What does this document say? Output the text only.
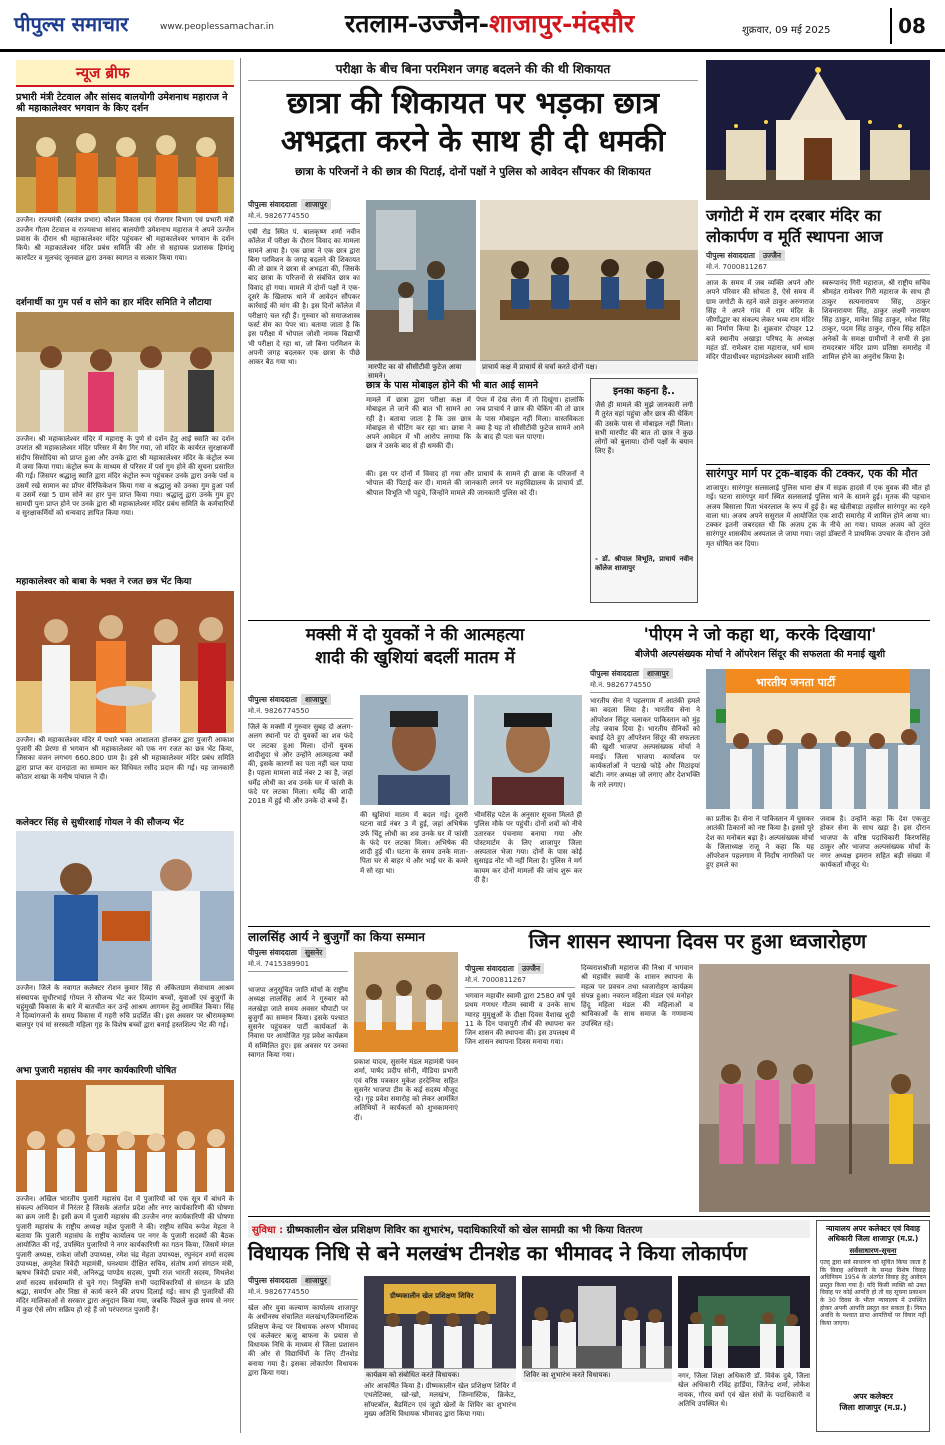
पीपुल्स समाचार	www.peoplessamachar.in	रतलाम-उज्जैन-शाजापुर-मंदसौर	शुक्रवार, 09 मई 2025	08
न्यूज ब्रीफ
प्रभारी मंत्री टेटवाल और सांसद बालयोगी उमेशनाथ महाराज ने श्री महाकालेश्वर भगवान के किए दर्शन
उज्जैन। राज्यमंत्री (स्वतंत्र प्रभार) कौशल विकास एवं रोजगार विभाग एवं प्रभारी मंत्री उज्जैन गौतम टेटवाल व राज्यसभा सांसद बालयोगी उमेशनाथ महाराज ने अपने उज्जैन प्रवास के दौरान श्री महाकालेश्वर मंदिर पहुंचकर श्री महाकालेश्वर भगवान के दर्शन किये। श्री महाकालेश्वर मंदिर प्रबंध समिति की ओर से सहायक प्रशासक हिमांशु कारपेंटर व मूलचंद जूनवाल द्वारा उनका स्वागत व सत्कार किया गया।
दर्शनार्थी का गुम पर्स व सोने का हार मंदिर समिति ने लौटाया
उज्जैन। श्री महाकालेश्वर मंदिर में महाराष्ट्र के पुणे से दर्शन हेतु आई स्वाति का दर्शन उपरांत श्री महाकालेश्वर मंदिर परिसर में बैग गिर गया, जो मंदिर के कार्यरत सुरक्षाकर्मी संदीप सिसोदिया को प्राप्त हुआ और उनके द्वारा श्री महाकालेश्वर मंदिर के कंट्रोल रूम में जमा किया गया। कंट्रोल रूम के माध्यम से परिसर में पर्स गुम होने की सूचना प्रसारित की गई। जिसपर श्रद्धालु स्वाति द्वारा मंदिर कंट्रोल रूम पहुंचकर उनके द्वारा उनके पर्स व उसमें रखे सामान का प्रॉपर वेरिफिकेशन किया गया व श्रद्धालु को उनका गुम हुआ पर्स व उसमें रखा 5 ग्राम सोने का हार पुनः प्राप्त किया गया। श्रद्धालु द्वारा उनके गुम हुए सामग्री पुनः प्राप्त होने पर उनके द्वारा श्री महाकालेश्वर मंदिर प्रबंध समिति के कर्मचारियों व सुरक्षाकर्मियों को धन्यवाद ज्ञापित किया गया।
महाकालेश्वर को बाबा के भक्त ने रजत छत्र भेंट किया
उज्जैन। श्री महाकालेश्वर मंदिर में पधारे भक्त आशालता होलकर द्वारा पुजारी आकाश पुजारी की प्रेरणा से भगवान श्री महाकालेश्वर को एक नग रजत का छत्र भेंट किया, जिसका वजन लगभग 660.800 ग्राम है। इसे श्री महाकालेश्वर मंदिर प्रबंध समिति द्वारा प्राप्त कर दानदाता का सम्मान कर विधिवत रसीद प्रदान की गई। यह जानकारी कोठार शाखा के मनीष पांचाल ने दी।
कलेक्टर सिंह से सुधीरशाई गोयल ने की सौजन्य भेंट
उज्जैन। जिले के नवागत कलेक्टर रोशन कुमार सिंह से अंकितग्राम सेवाधाम आश्रम संस्थापक सुधीरभाई गोयल ने सौजन्य भेंट कर दिव्यांग बच्चों, युवाओं एवं बुजुर्गों के चहुंमुखी विकास के बारे में बातचीत कर उन्हें आश्रम आगमन हेतु आमंत्रित किया। सिंह ने दिव्यांगजनों के समग्र विकास में गहरी रुचि प्रदर्शित की। इस अवसर पर श्रीरामकृष्ण बालपुर एवं मां सरस्वती महिला गृह के विशेष बच्चों द्वारा बनाई हस्तशिल्प भेंट की गई।
अभा पुजारी महासंघ की नगर कार्यकारिणी घोषित
उज्जैन। अखिल भारतीय पुजारी महासंघ देश में पुजारियों को एक सूत्र में बांधने के संकल्प अभियान में निरंतर है जिसके अंतर्गत प्रदेश और नगर कार्यकारिणी की घोषणा का क्रम जारी है। इसी क्रम में पुजारी महासंघ की उज्जैन नगर कार्यकारिणी की घोषणा पुजारी महासंघ के राष्ट्रीय अध्यक्ष महेश पुजारी ने की। राष्ट्रीय सचिव रूपेश मेहता ने बताया कि पुजारी महासंघ के राष्ट्रीय कार्यालय पर नगर के पुजारी सदस्यों की बैठक आयोजित की गई, उपस्थित पुजारियों ने नगर कार्यकारिणी का गठन किया, जिसमें मंगल पुजारी अध्यक्ष, राकेश जोशी उपाध्यक्ष, रमेश चंद्र मेहता उपाध्यक्ष, रघुनंदन शर्मा सदस्य उपाध्यक्ष, अमृतेश त्रिवेदी महामंत्री, घनश्याम दीक्षित सचिव, संतोष शर्मा संगठन मंत्री, ऋषभ त्रिवेदी प्रचार मंत्री, अनिरुद्ध पाण्डेय सदस्य, पुष्पी राज भारती सदस्य, मिथलेश शर्मा सदस्य सर्वसम्मति से चुने गए। नियुक्ति सभी पदाधिकारियों से संगठन के प्रति श्रद्धा, समर्पण और निष्ठा से कार्य करने की शपथ दिलाई गई। साथ ही पुजारियों की मंदिर मालिकाओं से सरकार द्वारा अनुदान किया गया, जबकि पिछले कुछ समय से नगर में कुछ ऐसे लोग सक्रिय हो रहे हैं जो परंपरागत पुजारी हैं।
परीक्षा के बीच बिना परमिशन जगह बदलने की की थी शिकायत
छात्रा की शिकायत पर भड़का छात्र अभद्रता करने के साथ ही दी धमकी
छात्रा के परिजनों ने की छात्र की पिटाई, दोनों पक्षों ने पुलिस को आवेदन सौंपकर की शिकायत
पीपुल्स संवाददाता शाजापुर
मो.नं. 9826774550
एबी रोड स्थित पं. बालकृष्ण शर्मा नवीन कॉलेज में परीक्षा के दौरान विवाद का मामला सामने आया है। एक छात्रा ने एक छात्र द्वारा बिना परमिशन के जगह बदलने की शिकायत की तो छात्र ने छात्रा से अभद्रता की, जिसके बाद छात्रा के परिजनों से संबंधित छात्र का विवाद हो गया। मामले में दोनों पक्षों ने एक-दूसरे के खिलाफ थाने में आवेदन सौंपकर कार्रवाई की मांग की है। इस दिनों कॉलेज में परीक्षाएं चल रही हैं। गुरुवार को समाजशास्त्र फर्स्ट सेम का पेपर था। बताया जाता है कि इस परीक्षा में भोपाल जोशी नामक विद्यार्थी भी परीक्षा दे रहा था, जो बिना परमिशन के अपनी जगह बदलकर एक छात्रा के पीछे आकर बैठ गया था।
मारपीट का वो सीसीटीवी फुटेज आया सामने।
प्राचार्य कक्ष में प्राचार्य से चर्चा करते दोनों पक्ष।
छात्र के पास मोबाइल होने की भी बात आई सामने
मामले में छात्रा द्वारा परीक्षा कक्ष में मोबाइल ले जाने की बात भी सामने आ रही है। बताया जाता है कि उस छात्र मोबाइल से चीटिंग कर रहा था। छात्रा ने अपने आवेदन में भी आरोप लगाया कि छात्र ने उसके बाद से ही धमकी दी।
पेपर में देख लेना मैं तो दिखूंगा। हालांकि जब प्राचार्य ने छात्र की चेकिंग की तो छात्र के पास मोबाइल नहीं मिला। वास्तविकता क्या है यह तो सीसीटीवी फुटेज सामने आने के बाद ही पता चल पाएगा।
की। इस पर दोनों में विवाद हो गया और प्राचार्य के सामने ही छात्रा के परिजनों ने भोपाल की पिटाई कर दी। मामले की जानकारी लगने पर महाविद्यालय के प्राचार्य डॉ. श्रीपाल विभूति भी पहुंचे, जिन्होंने मामले की जानकारी पुलिस को दी।
इनका कहना है..
जैसे ही मामले की मुझे जानकारी लगी मैं तुरंत वहां पहुंचा और छात्र की चेकिंग की उसके पास से मोबाइल नहीं मिला। सभी मारपीट की बात तो छात्र ने कुछ लोगों को बुलाया। दोनों पक्षों के बयान लिए हैं।
- डॉ. श्रीपाल विभूति, प्राचार्य नवीन कॉलेज शाजापुर
जगोटी में राम दरबार मंदिर का लोकार्पण व मूर्ति स्थापना आज
पीपुल्स संवाददाता उज्जैन
मो.नं. 7000811267
आज के समय में जब व्यक्ति अपने और अपने परिवार की सोचता है, ऐसे समय में ग्राम जगोटी के रहने वाले ठाकुर अरुणराज सिंह ने अपने गांव में राम मंदिर के जीर्णोद्धार का संकल्प लेकर भव्य राम मंदिर का निर्माण किया है। शुक्रवार दोपहर 12 बजे स्थानीय अखाड़ा परिषद के अध्यक्ष महंत डॉ. रामेश्वर दास महाराज, धर्म धाम मंदिर पीठाधीश्वर महामंडलेश्वर स्वामी शांति स्वरूपानंद गिरी महाराज, श्री राष्ट्रीय सचिव श्रीमहंत रामेश्वर गिरी महाराज के साथ ही ठाकुर सत्यनारायण सिंह, ठाकुर शिवनारायण सिंह, ठाकुर लक्ष्मी नारायण सिंह ठाकुर, मानेश सिंह ठाकुर, रमेश सिंह ठाकुर, पदम सिंह ठाकुर, गौरव सिंह सहित अनेकों के समक्ष ग्रामीणों ने सभी से इस रामदरबार मंदिर प्राण प्रतिष्ठा समारोह में शामिल होने का अनुरोध किया है।
सारंगपुर मार्ग पर ट्रक-बाइक की टक्कर, एक की मौत
शाजापुर। सारंगपुर सलसलाई पुलिस थाना क्षेत्र में सड़क हादसे में एक युवक की मौत हो गई। घटना सारंगपुर मार्ग स्थित सलसलाई पुलिस थाने के सामने हुई। मृतक की पहचान अजय बिसाला पिता भंवरलाल के रूप में हुई है। बह खेतीबाड़ा तहसील सारंगपुर का रहने वाला था। अजय अपने ससुराल में आयोजित एक शादी समारोह में शामिल होने आया था। टक्कर इतनी जबरदस्त थी कि अजय ट्रक के नीचे आ गया। घायल अजय को तुरंत सारंगपुर शासकीय अस्पताल ले जाया गया। जहां डॉक्टरों ने प्राथमिक उपचार के दौरान उसे मृत घोषित कर दिया।
मक्सी में दो युवकों ने की आत्महत्या
शादी की खुशियां बदलीं मातम में
पीपुल्स संवाददाता शाजापुर
मो.नं. 9826774550
जिले के मक्सी में गुरुवार सुबह दो अलग-अलग स्थानों पर दो युवकों का शव फंदे पर लटका हुआ मिला। दोनों युवक शादीशुदा थे और उन्होंने आत्महत्या क्यों की, इसके कारणों का पता नहीं चल पाया है। पहला मामला वार्ड नंबर 2 का है, जहां धर्मेंद्र लोधी का शव उनके घर में फांसी के फंदे पर लटका मिला। धर्मेंद्र की शादी 2018 में हुई थी और उनके दो बच्चे हैं।
की खुशियां मातम में बदल गईं। दूसरी घटना वार्ड नंबर 3 में हुई, जहां अभिषेक उर्फ चिंटू लोधी का शव उनके घर में फांसी के फंदे पर लटका मिला। अभिषेक की शादी हुई थी। घटना के समय उनके माता-पिता घर से बाहर थे और भाई घर के कमरे में सो रहा था।
भीमसिंह पटेल के अनुसार सूचना मिलते ही पुलिस मौके पर पहुंची। दोनों शवों को नीचे उतारकर पंचनामा बनाया गया और पोस्टमार्टम के लिए शाजापुर जिला अस्पताल भेजा गया। दोनों के पास कोई सुसाइड नोट भी नहीं मिला है। पुलिस ने मर्ग कायम कर दोनों मामलों की जांच शुरू कर दी है।
'पीएम ने जो कहा था, करके दिखाया'
बीजेपी अल्पसंख्यक मोर्चा ने ऑपरेशन सिंदूर की सफलता की मनाई खुशी
पीपुल्स संवाददाता शाजापुर
मो.नं. 9826774550
भारतीय सेना ने पहलगाम में आतंकी हमले का बदला लिया है। भारतीय सेना ने ऑपरेशन सिंदूर चलाकर पाकिस्तान को मुंह तोड़ जवाब दिया है। भारतीय सैनिकों को बधाई देते हुए ऑपरेशन सिंदूर की सफलता की खुशी भाजपा अल्पसंख्यक मोर्चा ने मनाई। जिला भाजपा कार्यालय पर कार्यकर्ताओं ने पटाखे फोड़े और मिठाइयां बांटी। नगर अध्यक्ष जो लगाए और देशभक्ति के नारे लगाए।
भारतीय जनता पार्टी
का प्रतीक है। सेना ने पाकिस्तान में घुसकर आतंकी ठिकानों को नष्ट किया है। इससे पूरे देश का मनोबल बढ़ा है। अल्पसंख्यक मोर्चा के जिलाध्यक्ष राजू ने कहा कि यह ऑपरेशन पहलगाम में निर्दोष नागरिकों पर हुए हमले का
जवाब है। उन्होंने कहा कि देश एकजुट होकर सेना के साथ खड़ा है। इस दौरान भाजपा के वरिष्ठ पदाधिकारी किरणसिंह ठाकुर और भाजपा अल्पसंख्यक मोर्चा के नगर अध्यक्ष इमरान सहित बड़ी संख्या में कार्यकर्ता मौजूद थे।
लालसिंह आर्य ने बुजुर्गों का किया सम्मान
पीपुल्स संवाददाता सुसनेर
मो.नं. 7415389901
भाजपा अनुसूचित जाति मोर्चा के राष्ट्रीय अध्यक्ष लालसिंह आर्य ने गुरुवार को नलखेड़ा जाते समय अवसर चौपाटी पर बुजुर्गों का सम्मान किया। इसके पश्चात सुसनेर पहुंचकर पार्टी कार्यकर्ता के निवास पर आयोजित गृह प्रवेश कार्यक्रम में सम्मिलित हुए। इस अवसर पर उनका स्वागत किया गया।
प्रकाश यादव, सुसनेर मंडल महामंत्री पवन शर्मा, पार्षद प्रदीप सोनी, मीडिया प्रभारी एवं वरिष्ठ पत्रकार मुकेश हरदेनिया सहित सुसनेर भाजपा टीम के कई सदस्य मौजूद रहे। गृह प्रवेश समारोह को लेकर आमंत्रित अतिथियों ने कार्यकर्ता को शुभकामनाएं दीं।
जिन शासन स्थापना दिवस पर हुआ ध्वजारोहण
पीपुल्स संवाददाता उज्जैन
मो.नं. 7000811267
भगवान महावीर स्वामी द्वारा 2580 वर्ष पूर्व प्रथम गणधर गौतम स्वामी व उनके साथ ग्यारह मुमुक्षुओं के दीक्षा दिवस वैशाख शुदी 11 के दिन पावापुरी तीर्थ की स्थापना कर जिन शासन की स्थापना की। इस उपलक्ष्य में जिन शासन स्थापना दिवस मनाया गया।
दिव्यराशश्रीजी महाराज की निश्रा में भगवान श्री महावीर स्वामी के शासन स्थापना के महत्व पर प्रवचन तथा ध्वजारोहण कार्यक्रम संपन्न हुआ। नवरत्न महिला मंडल एवं मनोहर हिंदू महिला मंडल की महिलाओं व श्राविकाओं के साथ समाज के गणमान्य उपस्थित रहे।
सुविधा : ग्रीष्मकालीन खेल प्रशिक्षण शिविर का शुभारंभ, पदाधिकारियों को खेल सामग्री का भी किया वितरण
विधायक निधि से बने मलखंभ टीनशेड का भीमावद ने किया लोकार्पण
पीपुल्स संवाददाता शाजापुर
मो.नं. 9826774550
खेल और युवा कल्याण कार्यालय शाजापुर के अधीनस्थ संचालित मलखंभ/जिमनास्टिक प्रशिक्षण केन्द्र पर विधायक अरुण भीमावद एवं कलेक्टर ऋजु बाफना के प्रयास से विधायक निधि के माध्यम से जिला प्रशासन की ओर से विद्यार्थियों के लिए टीनशेड बनाया गया है। इसका लोकार्पण विधायक द्वारा किया गया।
ग्रीष्मकालीन खेल प्रशिक्षण शिविर
कार्यक्रम को संबोधित करते विधायक।
ओर आकर्षित किया है। ग्रीष्मकालीन खेल प्रशिक्षण शिविर में एथलेटिक्स, खो-खो, मलखंभ, जिम्नास्टिक, क्रिकेट, सॉफ्टबॉल, बैडमिंटन एवं जूडो खेलों के शिविर का शुभारंभ मुख्य अतिथि विधायक भीमावद द्वारा किया गया।
शिविर का शुभारंभ करते विधायक।	नगर, जिला शिक्षा अधिकारी डॉ. विवेक दुबे, जिला खेल अधिकारी रविंद्र हार्डिया, जितेन्द्र शर्मा, लोकेश नायक, गौरव वर्मा एवं खेल संघों के पदाधिकारी व अतिथि उपस्थित थे।
न्यायालय अपर कलेक्टर एवं विवाह अधिकारी जिला शाजापुर (म.प्र.)
सर्वसाधारण-सूचना
एतद् द्वारा सर्व साधारण को सूचित किया जाता है कि विवाह अधिकारी के समक्ष विशेष विवाह अधिनियम 1954 के अंतर्गत विवाह हेतु आवेदन प्रस्तुत किया गया है। यदि किसी व्यक्ति को उक्त विवाह पर कोई आपत्ति हो तो वह सूचना प्रकाशन के 30 दिवस के भीतर न्यायालय में उपस्थित होकर अपनी आपत्ति प्रस्तुत कर सकता है। नियत अवधि के पश्चात प्राप्त आपत्तियों पर विचार नहीं किया जाएगा।
अपर कलेक्टर
जिला शाजापुर (म.प्र.)
